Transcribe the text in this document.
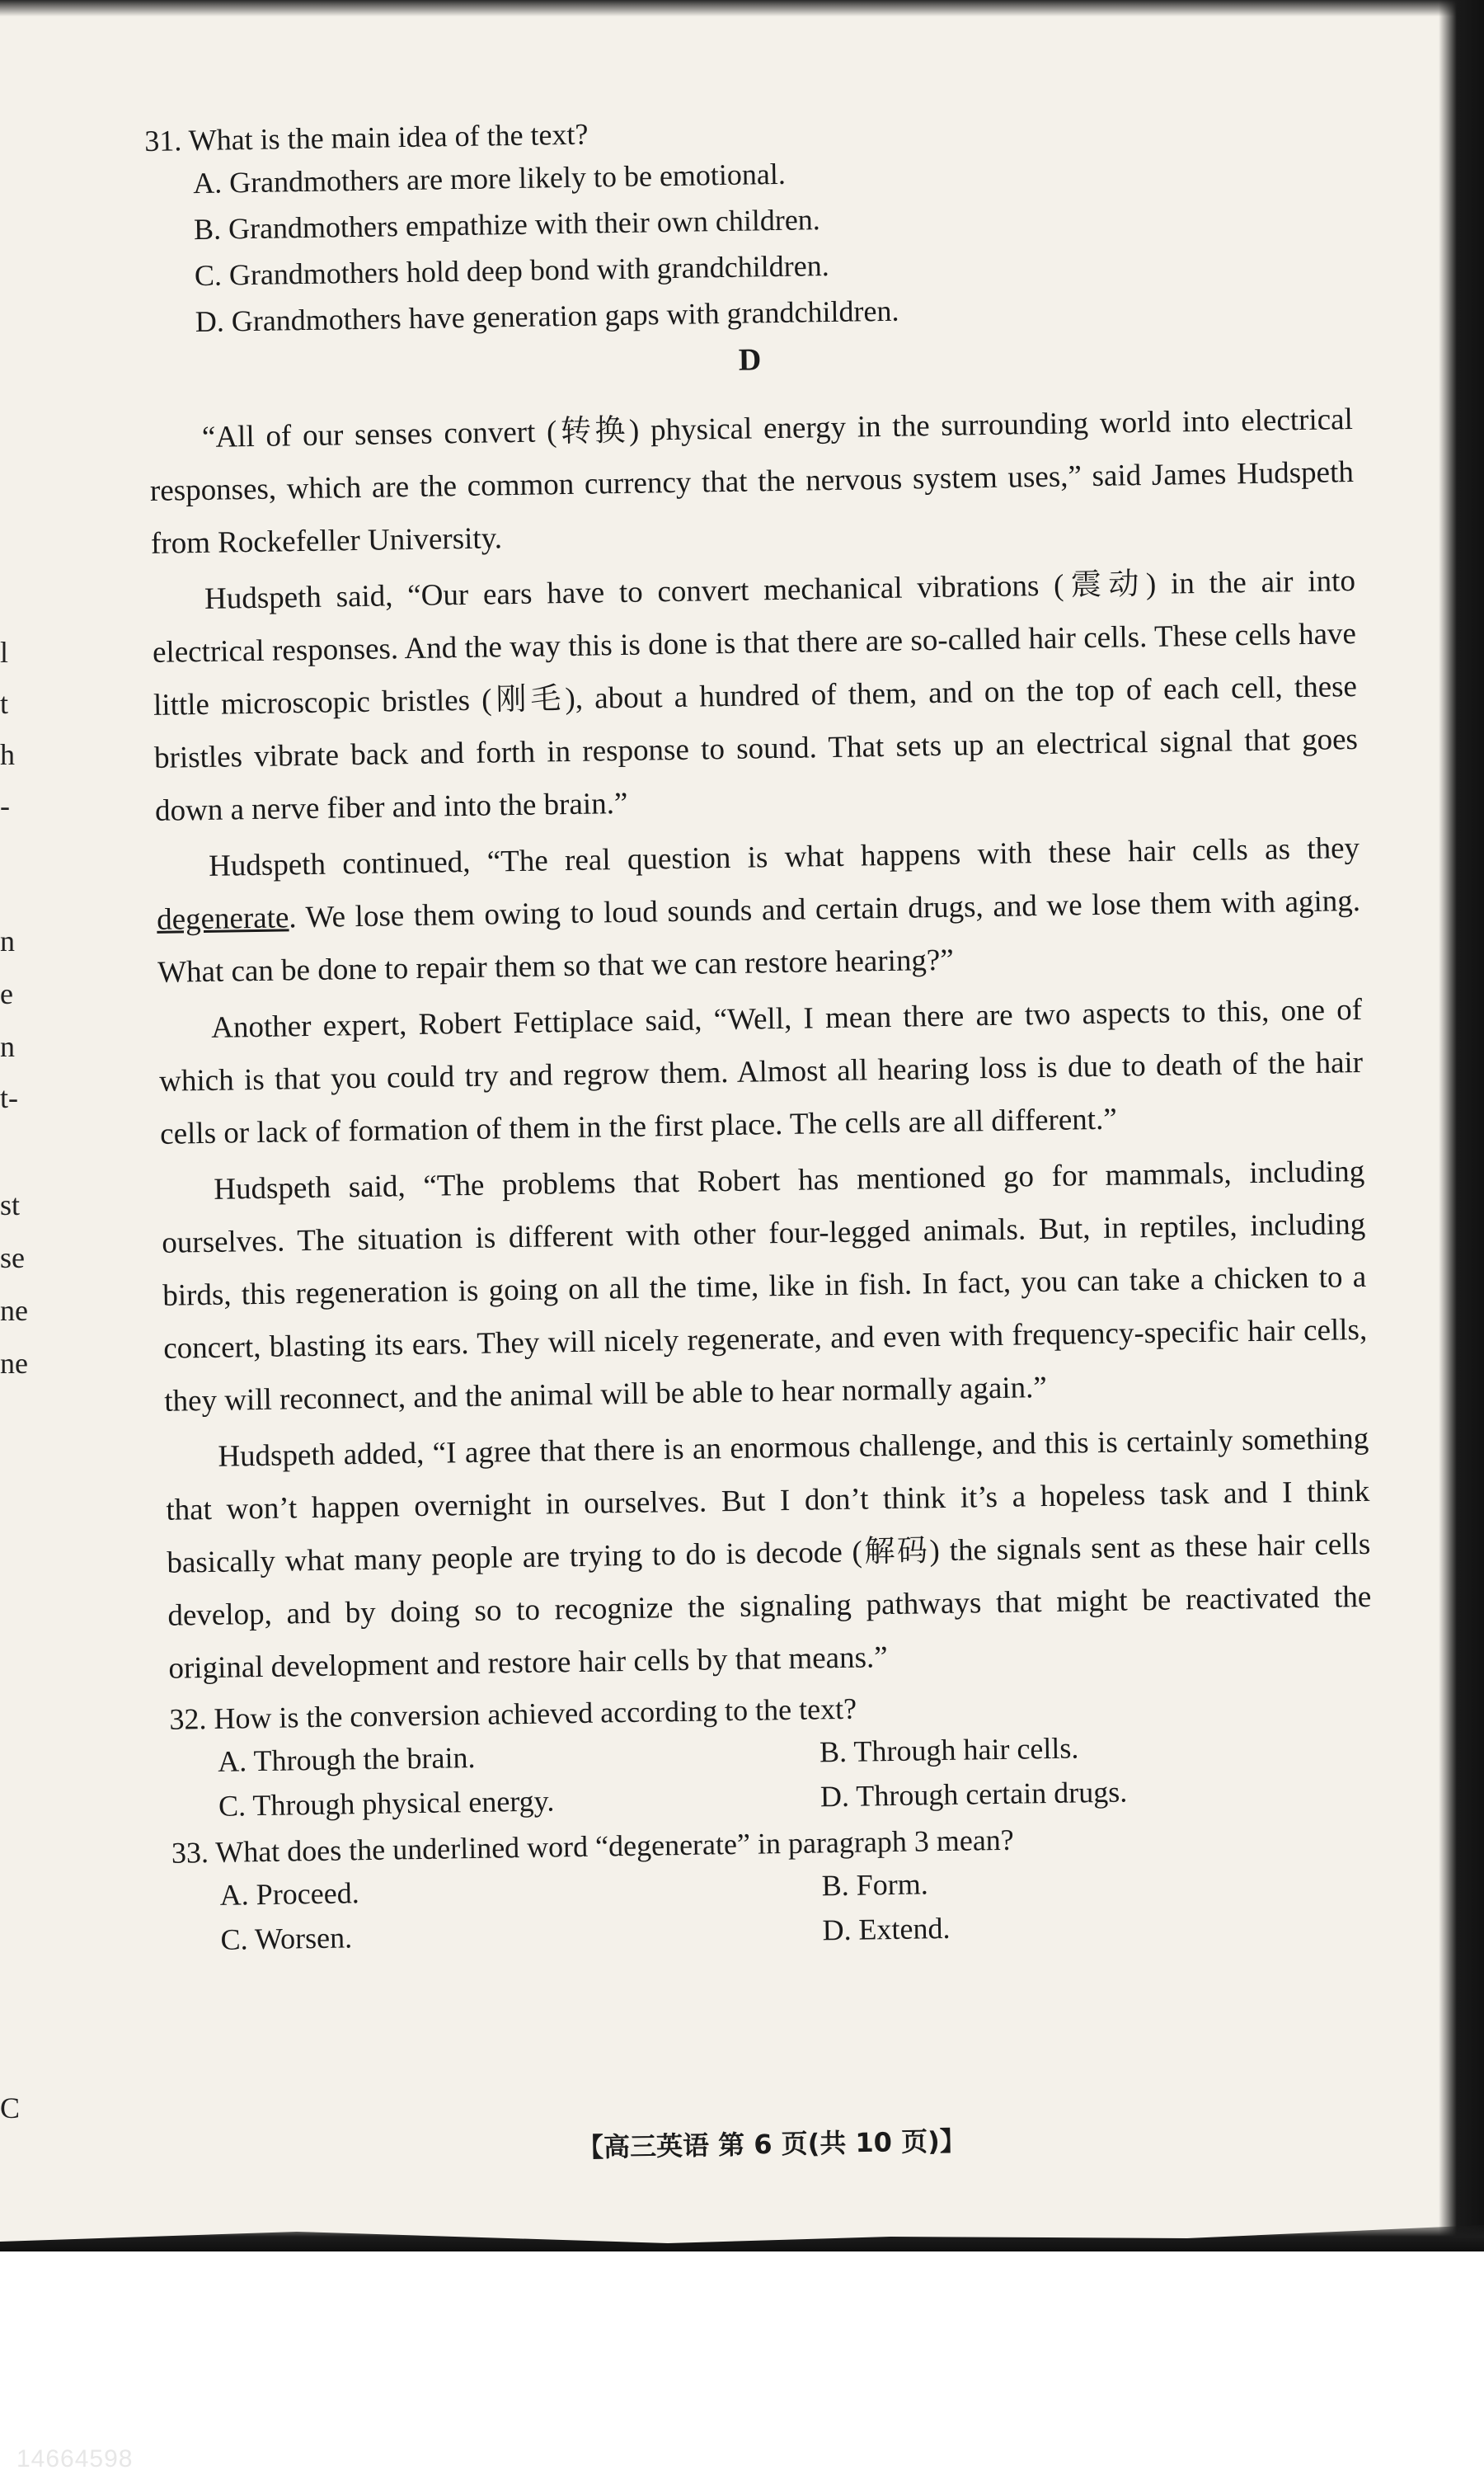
l
t
h
-
n
e
n
t-
st
se
ne
ne
31. What is the main idea of the text?
A. Grandmothers are more likely to be emotional.
B. Grandmothers empathize with their own children.
C. Grandmothers hold deep bond with grandchildren.
D. Grandmothers have generation gaps with grandchildren.
D

“All of our senses convert (转换) physical energy in the surrounding world into electrical responses, which are the common currency that the nervous system uses,” said James Hudspeth from Rockefeller University.

Hudspeth said, “Our ears have to convert mechanical vibrations (震动) in the air into electrical responses. And the way this is done is that there are so-called hair cells. These cells have little microscopic bristles (刚毛), about a hundred of them, and on the top of each cell, these bristles vibrate back and forth in response to sound. That sets up an electrical signal that goes down a nerve fiber and into the brain.”

Hudspeth continued, “The real question is what happens with these hair cells as they degenerate. We lose them owing to loud sounds and certain drugs, and we lose them with aging. What can be done to repair them so that we can restore hearing?”

Another expert, Robert Fettiplace said, “Well, I mean there are two aspects to this, one of which is that you could try and regrow them. Almost all hearing loss is due to death of the hair cells or lack of formation of them in the first place. The cells are all different.”

Hudspeth said, “The problems that Robert has mentioned go for mammals, including ourselves. The situation is different with other four-legged animals. But, in reptiles, including birds, this regeneration is going on all the time, like in fish. In fact, you can take a chicken to a concert, blasting its ears. They will nicely regenerate, and even with frequency-specific hair cells, they will reconnect, and the animal will be able to hear normally again.”

Hudspeth added, “I agree that there is an enormous challenge, and this is certainly something that won’t happen overnight in ourselves. But I don’t think it’s a hopeless task and I think basically what many people are trying to do is decode (解码) the signals sent as these hair cells develop, and by doing so to recognize the signaling pathways that might be reactivated the original development and restore hair cells by that means.”

32. How is the conversion achieved according to the text?
A. Through the brain.	B. Through hair cells.
C. Through physical energy.	D. Through certain drugs.
33. What does the underlined word “degenerate” in paragraph 3 mean?
A. Proceed.	B. Form.
C. Worsen.	D. Extend.
C
【高三英语 第 6 页(共 10 页)】
14664598
